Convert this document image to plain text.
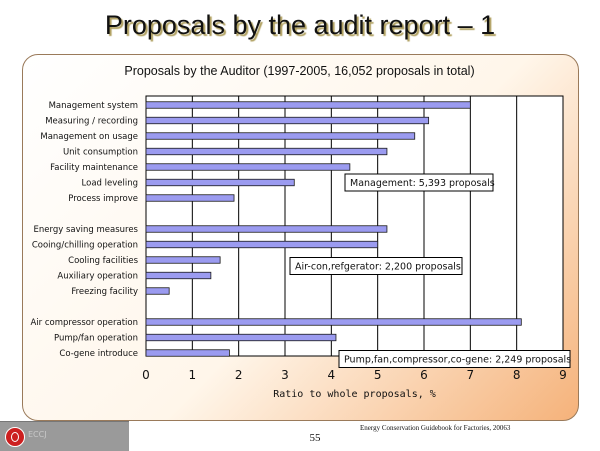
Proposals by the audit report – 1
Proposals by the Auditor (1997-2005, 16,052 proposals in total)
0	1	2	3	4	5	6	7	8	9
Management system
Measuring / recording
Management on usage
Unit consumption
Facility maintenance
Load leveling
Process improve
Energy saving measures
Cooing/chilling operation
Cooling facilities
Auxiliary operation
Freezing facility
Air compressor operation
Pump/fan operation
Co-gene introduce
Management: 5,393 proposals
Air-con,refgerator: 2,200 proposals
Pump,fan,compressor,co-gene: 2,249 proposals
Ratio to whole proposals, %
ECCJ
Energy Conservation Guidebook for Factories, 20063
55
